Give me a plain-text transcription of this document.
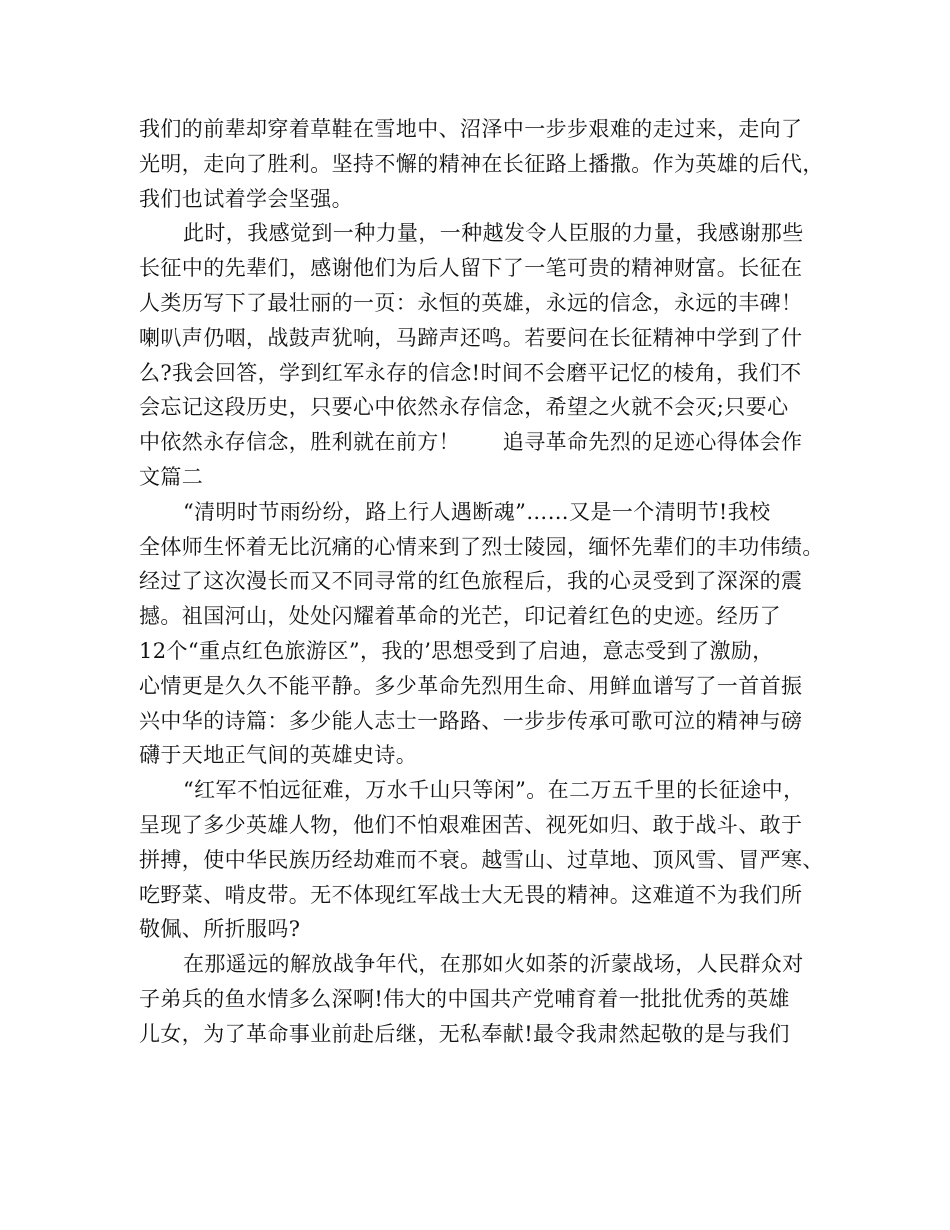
我们的前辈却穿着草鞋在雪地中、沼泽中一步步艰难的走过来，走向了
光明，走向了胜利。坚持不懈的精神在长征路上播撒。作为英雄的后代，
我们也试着学会坚强。
此时，我感觉到一种力量，一种越发令人臣服的力量，我感谢那些
长征中的先辈们，感谢他们为后人留下了一笔可贵的精神财富。长征在
人类历写下了最壮丽的一页：永恒的英雄，永远的信念，永远的丰碑！
喇叭声仍咽，战鼓声犹响，马蹄声还鸣。若要问在长征精神中学到了什
么?我会回答，学到红军永存的信念!时间不会磨平记忆的棱角，我们不
会忘记这段历史，只要心中依然永存信念，希望之火就不会灭;只要心
中依然永存信念，胜利就在前方！　　追寻革命先烈的足迹心得体会作
文篇二
“清明时节雨纷纷，路上行人遇断魂”……又是一个清明节!我校
全体师生怀着无比沉痛的心情来到了烈士陵园，缅怀先辈们的丰功伟绩。
经过了这次漫长而又不同寻常的红色旅程后，我的心灵受到了深深的震
撼。祖国河山，处处闪耀着革命的光芒，印记着红色的史迹。经历了
12个“重点红色旅游区”，我的’思想受到了启迪，意志受到了激励，
心情更是久久不能平静。多少革命先烈用生命、用鲜血谱写了一首首振
兴中华的诗篇：多少能人志士一路路、一步步传承可歌可泣的精神与磅
礴于天地正气间的英雄史诗。
“红军不怕远征难，万水千山只等闲”。在二万五千里的长征途中，
呈现了多少英雄人物，他们不怕艰难困苦、视死如归、敢于战斗、敢于
拼搏，使中华民族历经劫难而不衰。越雪山、过草地、顶风雪、冒严寒、
吃野菜、啃皮带。无不体现红军战士大无畏的精神。这难道不为我们所
敬佩、所折服吗?
在那遥远的解放战争年代，在那如火如荼的沂蒙战场，人民群众对
子弟兵的鱼水情多么深啊!伟大的中国共产党哺育着一批批优秀的英雄
儿女，为了革命事业前赴后继，无私奉献!最令我肃然起敬的是与我们
